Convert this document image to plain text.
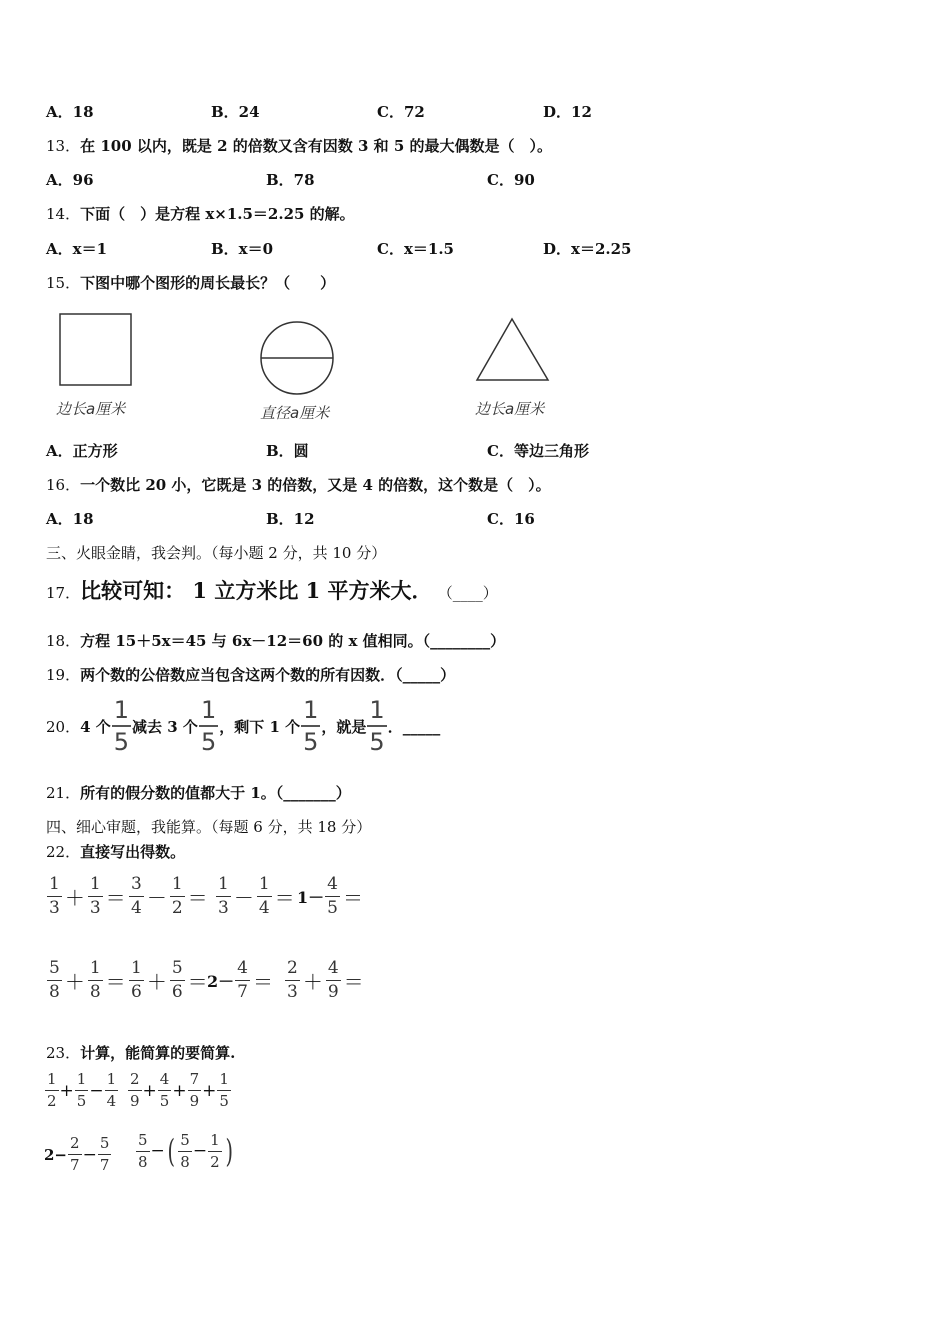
A．18	B．24	C．72	D．12
13．在 100 以内，既是 2 的倍数又含有因数 3 和 5 的最大偶数是（　）。
A．96	B．78	C．90
14．下面（　）是方程 x×1.5＝2.25 的解。
A．x＝1	B．x＝0	C．x＝1.5	D．x＝2.25
15．下图中哪个图形的周长最长？（　　）
边长a厘米	直径a厘米	边长a厘米
A．正方形	B．圆	C．等边三角形
16．一个数比 20 小，它既是 3 的倍数，又是 4 的倍数，这个数是（　）。
A．18	B．12	C．16
三、火眼金睛，我会判。（每小题 2 分，共 10 分）
17．比较可知： 1 立方米比 1 平方米大． （____）
18．方程 15＋5x＝45 与 6x－12＝60 的 x 值相同。（________）
19．两个数的公倍数应当包含这两个数的所有因数．（_____）
20． 4 个 $\frac{1}{5}$ 减去 3 个 $\frac{1}{5}$ ，剩下 1 个 $\frac{1}{5}$ ，就是 $\frac{1}{5}$ ．_____
21．所有的假分数的值都大于 1。（_______）
四、细心审题，我能算。（每题 6 分，共 18 分）
22．直接写出得数。
$\frac{1}{3} + \frac{1}{3} = \frac{3}{4} - \frac{1}{2} = \frac{1}{3} - \frac{1}{4} = 1- \frac{4}{5}$ ＝
$\frac{5}{8} + \frac{1}{8} = \frac{1}{6} + \frac{5}{6} = 2- \frac{4}{7} = \frac{2}{3} + \frac{4}{9}$ ＝
23．计算，能简算的要简算.
$\frac{1}{2} + \frac{1}{5} - \frac{1}{4} \frac{2}{9} + \frac{4}{5} + \frac{7}{9} + \frac{1}{5}$
$2- \frac{2}{7} - \frac{5}{7} \frac{5}{8}$ − ( $\frac{5}{8} - \frac{1}{2}$ )
